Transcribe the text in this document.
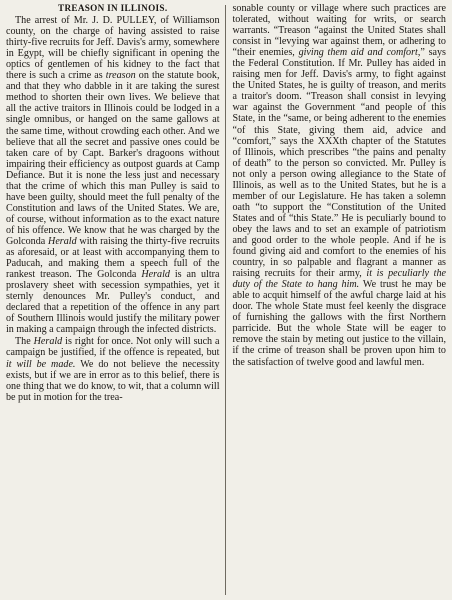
TREASON IN ILLINOIS.

The arrest of Mr. J. D. PULLEY, of Williamson county, on the charge of having assisted to raise thirty-five recruits for Jeff. Davis's army, somewhere in Egypt, will be chiefly significant in opening the optics of gentlemen of his kidney to the fact that there is such a crime as treason on the statute book, and that they who dabble in it are taking the surest method to shorten their own lives. We believe that all the active traitors in Illinois could be lodged in a single omnibus, or hanged on the same gallows at the same time, without crowding each other. And we believe that all the secret and passive ones could be taken care of by Capt. Barker's dragoons without impairing their efficiency as outpost guards at Camp Defiance. But it is none the less just and necessary that the crime of which this man Pulley is said to have been guilty, should meet the full penalty of the Constitution and laws of the United States. We are, of course, without information as to the exact nature of his offence. We know that he was charged by the Golconda Herald with raising the thirty-five recruits as aforesaid, or at least with accompanying them to Paducah, and making them a speech full of the rankest treason. The Golconda Herald is an ultra proslavery sheet with secession sympathies, yet it sternly denounces Mr. Pulley's conduct, and declared that a repetition of the offence in any part of Southern Illinois would justify the military power in making a campaign through the infected districts.

The Herald is right for once. Not only will such a campaign be justified, if the offence is repeated, but it will be made. We do not believe the necessity exists, but if we are in error as to this belief, there is one thing that we do know, to wit, that a column will be put in motion for the trea-

sonable county or village where such practices are tolerated, without waiting for writs, or search warrants. “Treason “against the United States shall consist in “levying war against them, or adhering to “their enemies, giving them aid and comfort,” says the Federal Constitution. If Mr. Pulley has aided in raising men for Jeff. Davis's army, to fight against the United States, he is guilty of treason, and merits a traitor's doom. “Treason shall consist in levying war against the Government “and people of this State, in the “same, or being adherent to the enemies “of this State, giving them aid, advice and “comfort,” says the XXXth chapter of the Statutes of Illinois, which prescribes “the pains and penalty of death” to the person so convicted. Mr. Pulley is not only a person owing allegiance to the State of Illinois, as well as to the United States, but he is a member of our Legislature. He has taken a solemn oath “to support the “Constitution of the United States and of “this State.” He is peculiarly bound to obey the laws and to set an example of patriotism and good order to the whole people. And if he is found giving aid and comfort to the enemies of his country, in so palpable and flagrant a manner as raising recruits for their army, it is peculiarly the duty of the State to hang him. We trust he may be able to acquit himself of the awful charge laid at his door. The whole State must feel keenly the disgrace of furnishing the gallows with the first Northern parricide. But the whole State will be eager to remove the stain by meting out justice to the villain, if the crime of treason shall be proven upon him to the satisfaction of twelve good and lawful men.
